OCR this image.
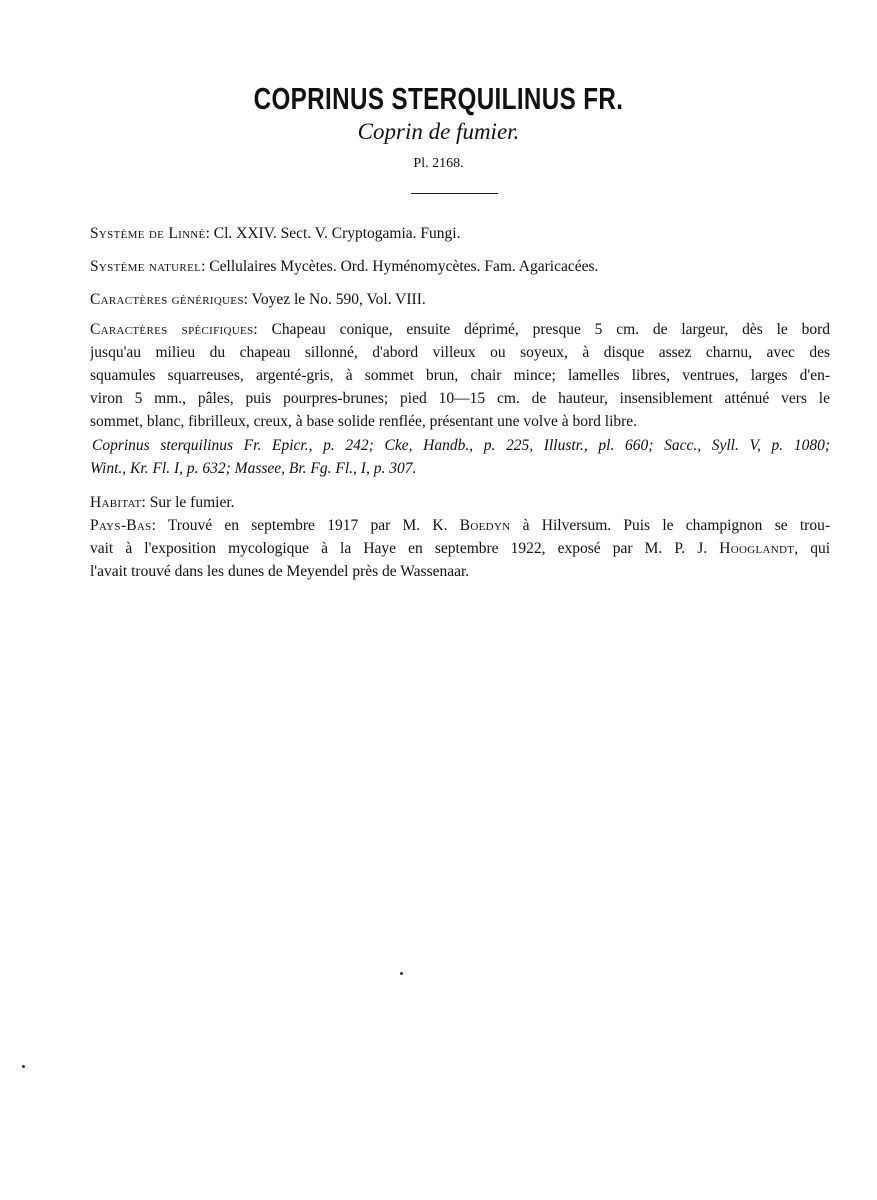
COPRINUS STERQUILINUS FR.
Coprin de fumier.
Pl. 2168.
Système de Linné: Cl. XXIV. Sect. V. Cryptogamia. Fungi.
Système naturel: Cellulaires Mycètes. Ord. Hyménomycètes. Fam. Agaricacées.
Caractères génériques: Voyez le No. 590, Vol. VIII.
Caractères spécifiques: Chapeau conique, ensuite déprimé, presque 5 cm. de largeur, dès le bord
jusqu'au milieu du chapeau sillonné, d'abord villeux ou soyeux, à disque assez charnu, avec des
squamules squarreuses, argenté-gris, à sommet brun, chair mince; lamelles libres, ventrues, larges d'en-
viron 5 mm., pâles, puis pourpres-brunes; pied 10—15 cm. de hauteur, insensiblement atténué vers le
sommet, blanc, fibrilleux, creux, à base solide renflée, présentant une volve à bord libre.
Coprinus sterquilinus Fr. Epicr., p. 242; Cke, Handb., p. 225, Illustr., pl. 660; Sacc., Syll. V, p. 1080;
Wint., Kr. Fl. I, p. 632; Massee, Br. Fg. Fl., I, p. 307.
Habitat: Sur le fumier.
Pays-Bas: Trouvé en septembre 1917 par M. K. Boedyn à Hilversum. Puis le champignon se trou-
vait à l'exposition mycologique à la Haye en septembre 1922, exposé par M. P. J. Hooglandt, qui
l'avait trouvé dans les dunes de Meyendel près de Wassenaar.
